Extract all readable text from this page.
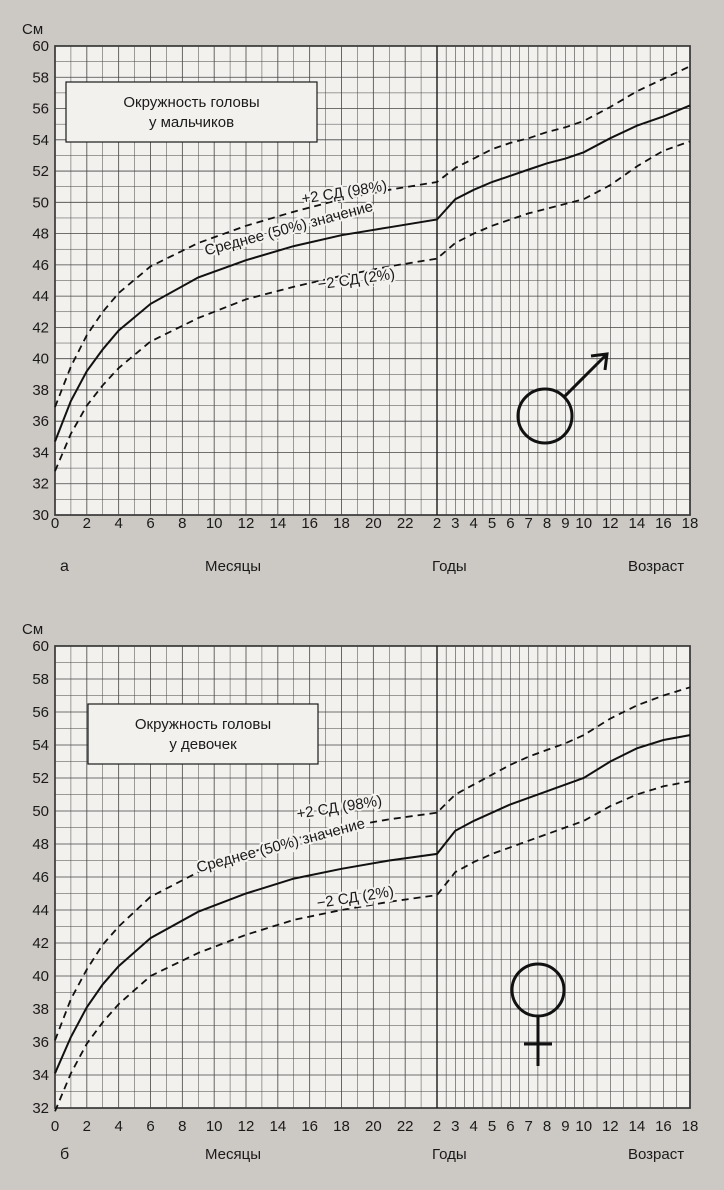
Окружность головы у мальчиков
См
30
32
34
36
38
40
42
44
46
48
50
52
54
56
58
60
0 2 4 6 8 10 12 14 16 18 20 22 2 3 4 5 6 7 8 9 10 12 14 16 18
а	Месяцы	Годы	Возраст
+2 СД (98%)
Среднее (50%) значение
−2 СД (2%)
Окружность головы у девочек
См
32
34
36
38
40
42
44
46
48
50
52
54
56
58
60
0 2 4 6 8 10 12 14 16 18 20 22 2 3 4 5 6 7 8 9 10 12 14 16 18
б	Месяцы	Годы	Возраст
+2 СД (98%)
Среднее (50%) значение
−2 СД (2%)
